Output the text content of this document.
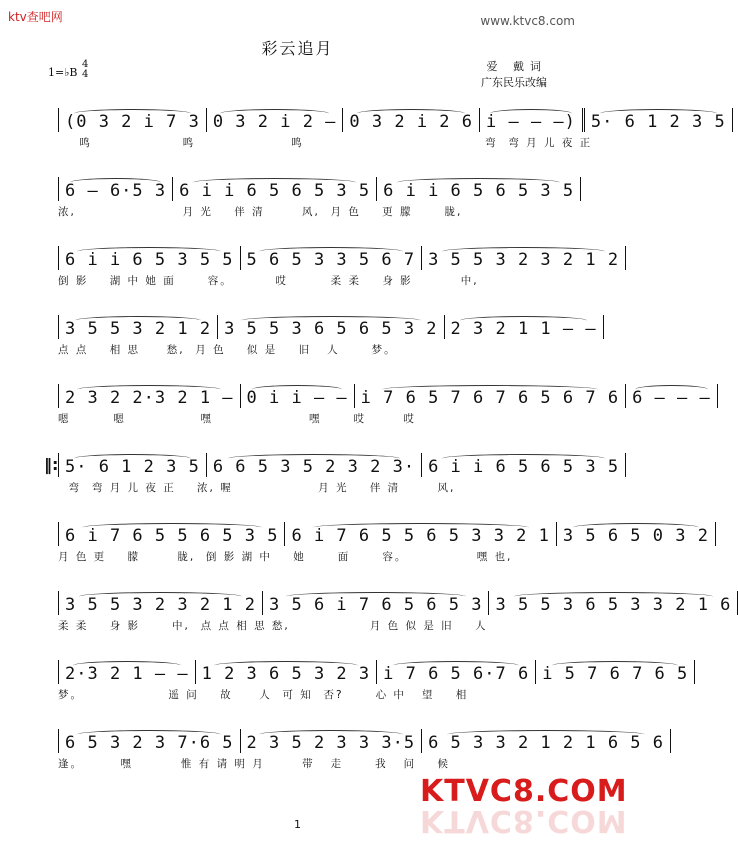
ktv查吧网	www.ktvc8.com
彩云追月
1=♭B
4
4
爱 戴词
广东民乐改编
(0 3 2 i 7 3 0 3 2 i 2 – 0 3 2 i 2 6 i – – –) 5· 6 1 2 3 5
鸣                 鸣                  鸣                                  弯  弯 月 儿 夜 正
6 – 6·5 3 6 i i 6 5 6 5 3 5 6 i i 6 5 6 5 3 5
浓,                    月 光    伴 清       风,  月 色    更 朦      胧,
6 i i 6 5 3 5 5 5 6 5 3 3 5 6 7 3 5 5 3 2 3 2 1 2
倒 影    湖 中 她 面      容。        哎        柔 柔    身 影         中,
3 5 5 3 2 1 2 3 5 5 3 6 5 6 5 3 2 2 3 2 1 1 – –
点 点    相 思     愁,  月 色    似 是    旧   人      梦。
2 3 2 2·3 2 1 – 0 i i – – i 7 6 5 7 6 7 6 5 6 7 6 6 – – –
嗯        嗯              嘿                  嘿      哎       哎
‖: 5· 6 1 2 3 5 6 6 5 3 5 2 3 2 3· 6 i i 6 5 6 5 3 5
弯  弯 月 儿 夜 正    浓, 喔                月 光    伴 清       风,
6 i 7 6 5 5 6 5 3 5 6 i 7 6 5 5 6 5 3 3 2 1 3 5 6 5 0 3 2
月 色 更    朦       胧,  倒 影 湖 中    她      面      容。             嘿 也,
3 5 5 3 2 3 2 1 2 3 5 6 i 7 6 5 6 5 3 3 5 5 3 6 5 3 3 2 1 6
柔 柔    身 影      中,  点 点 相 思 愁,               月 色 似 是 旧    人
2·3 2 1 – – 1 2 3 6 5 3 2 3 i 7 6 5 6·7 6 i 5 7 6 7 6 5
梦。                遥 问    故     人  可 知  否?      心 中   望    相
6 5 3 2 3 7·6 5 2 3 5 2 3 3 3·5 6 5 3 3 2 1 2 1 6 5 6
逢。       嘿         惟 有 请 明 月       带   走      我   问    候
1
KTVC8.COM
KTVC8.COM
